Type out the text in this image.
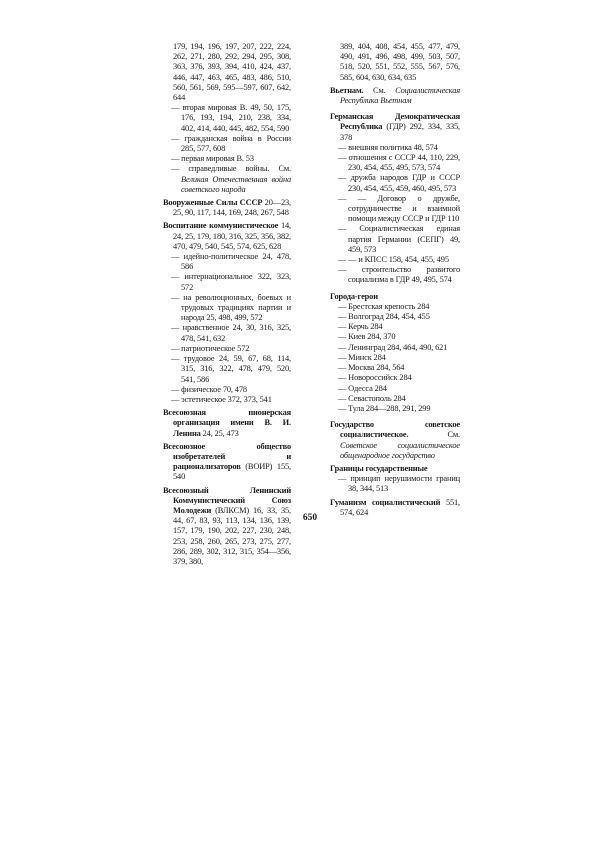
179, 194, 196, 197, 207, 222, 224, 262, 271, 280, 292, 294, 295, 308, 363, 376, 393, 394, 410, 424, 437, 446, 447, 463, 465, 483, 486, 510, 560, 561, 569, 595—597, 607, 642, 644

— вторая мировая В. 49, 50, 175, 176, 193, 194, 210, 238, 334, 402, 414, 440, 445, 482, 554, 590

— гражданская война в России 285, 577, 608

— первая мировая В. 53

— справедливые войны. См. Великая Отечественная война советского народа

Вооруженные Силы СССР 20—23, 25, 90, 117, 144, 169, 248, 267, 548

Воспитание коммунистическое 14, 24, 25, 179, 180, 316, 325, 356, 382, 470, 479, 540, 545, 574, 625, 628

— идейно-политическое 24, 478, 586

— интернациональное 322, 323, 572

— на революционных, боевых и трудовых традициях партии и народа 25, 498, 499, 572

— нравственное 24, 30, 316, 325, 478, 541, 632

— патриотическое 572

— трудовое 24, 59, 67, 68, 114, 315, 316, 322, 478, 479, 520, 541, 586

— физическое 70, 478

— эстетическое 372, 373, 541

Всесоюзная пионерская организация имени В. И. Ленина 24, 25, 473

Всесоюзное общество изобретателей и рационализаторов (ВОИР) 155, 540

Всесоюзный Ленинский Коммунистический Союз Молодежи (ВЛКСМ) 16, 33, 35, 44, 67, 83, 93, 113, 134, 136, 139, 157, 179, 190, 202, 227, 230, 248, 253, 258, 260, 265, 273, 275, 277, 286, 289, 302, 312, 315, 354—356, 379, 380,

389, 404, 408, 454, 455, 477, 479, 490, 491, 496, 498, 499, 503, 507, 518, 520, 551, 552, 555, 567, 576, 585, 604, 630, 634, 635

Вьетнам. См. Социалистическая Республика Вьетнам

Германская Демократическая Республика (ГДР) 292, 334, 335, 378

— внешняя политика 48, 574

— отношения с СССР 44, 110, 229, 230, 454, 455, 495, 573, 574

— дружба народов ГДР и СССР 230, 454, 455, 459, 460, 495, 573

— — Договор о дружбе, сотрудничестве и взаимной помощи между СССР и ГДР 110

— Социалистическая единая партия Германии (СЕПГ) 49, 459, 573

— — и КПСС 158, 454, 455, 495

— строительство развитого социализма в ГДР 49, 495, 574

Города-герои

— Брестская крепость 284

— Волгоград 284, 454, 455

— Керчь 284

— Киев 284, 370

— Ленинград 284, 464, 490, 621

— Минск 284

— Москва 284, 564

— Новороссийск 284

— Одесса 284

— Севастополь 284

— Тула 284—288, 291, 299

Государство советское социалистическое.	См. Советское социалистическое общенародное государство

Границы государственные

— принцип нерушимости границ 38, 344, 513

Гуманизм социалистический 551, 574, 624

650
